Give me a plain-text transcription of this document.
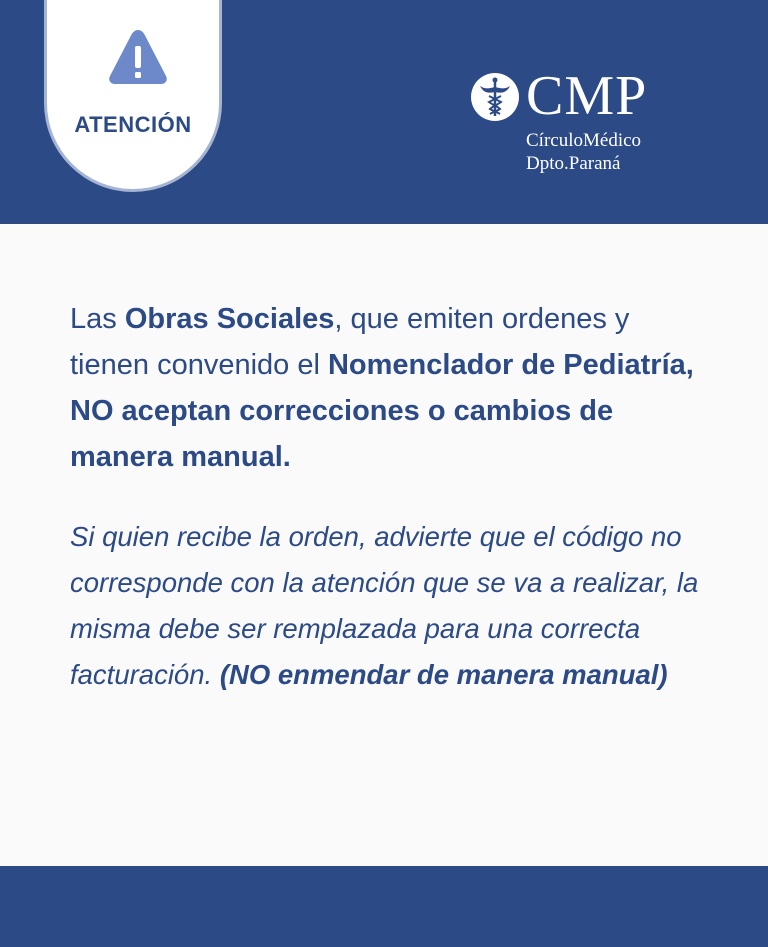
ATENCIÓN	CMP
CírculoMédico
Dpto.Paraná

Las Obras Sociales, que emiten ordenes y tienen convenido el Nomenclador de Pediatría, NO aceptan correcciones o cambios de manera manual.

Si quien recibe la orden, advierte que el código no corresponde con la atención que se va a realizar, la misma debe ser remplazada para una correcta facturación. (NO enmendar de manera manual)
